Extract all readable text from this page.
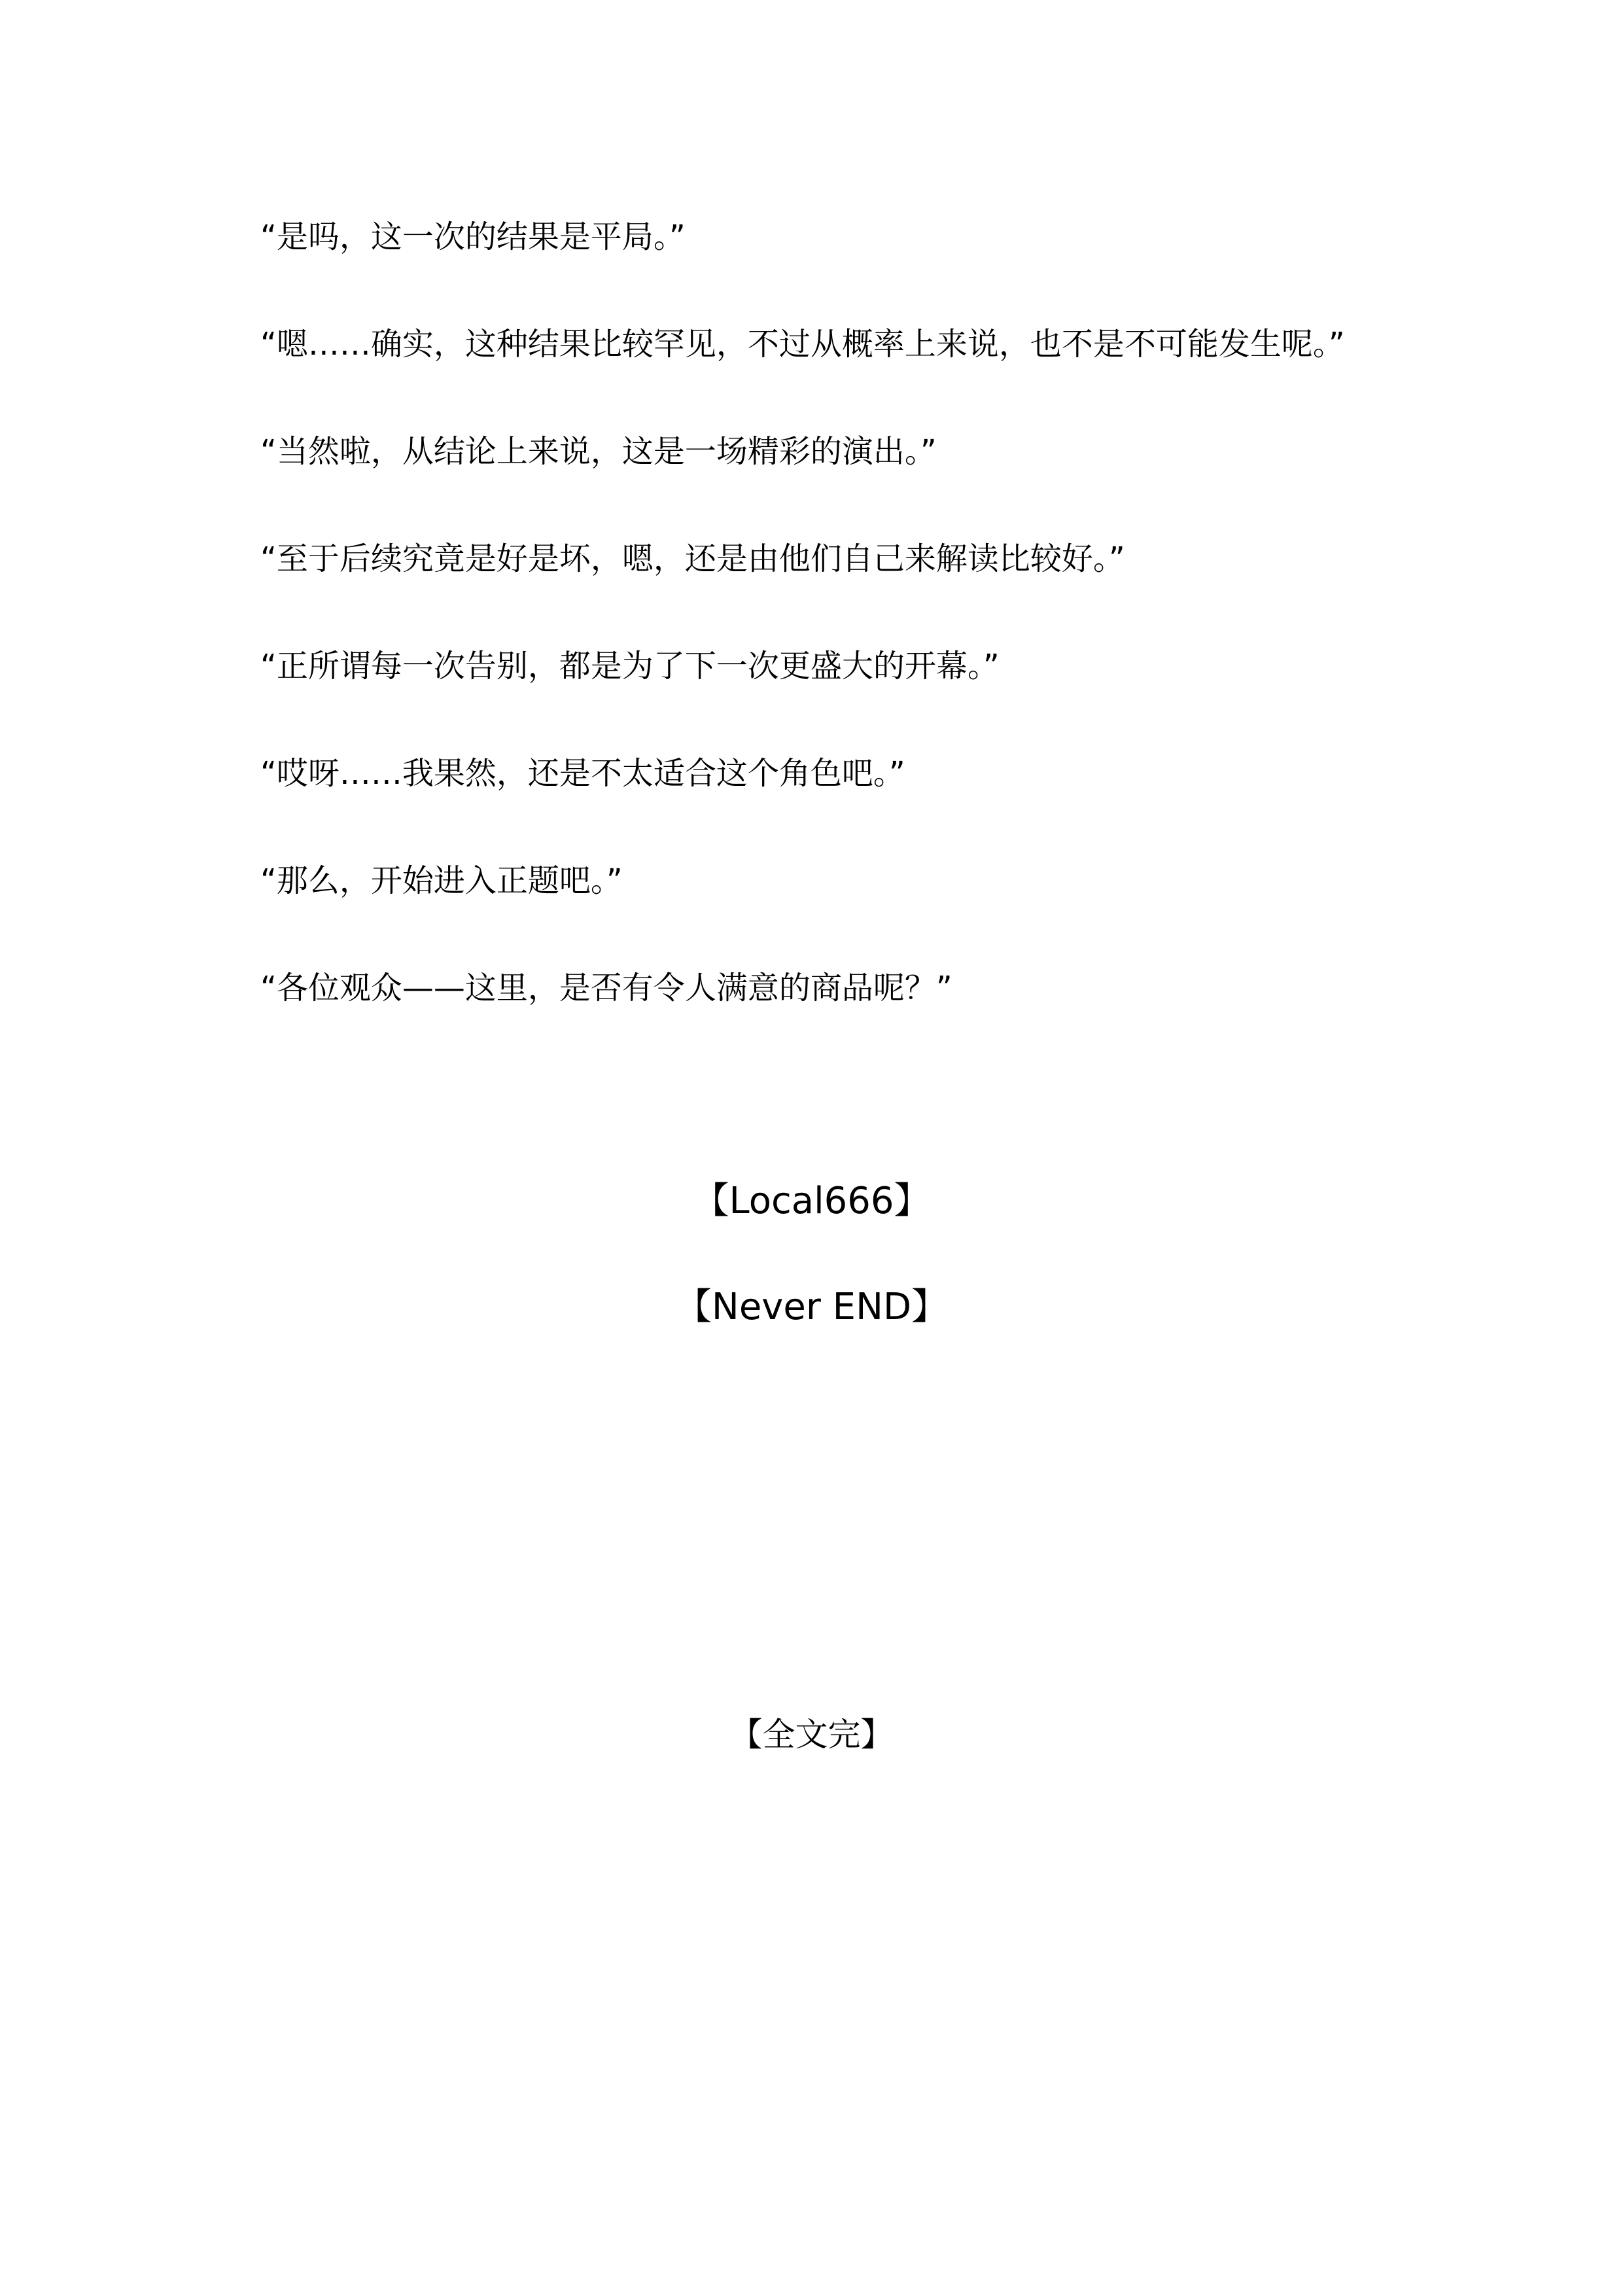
“是吗，这一次的结果是平局。”

“嗯……确实，这种结果比较罕见，不过从概率上来说，也不是不可能发生呢。”

“当然啦，从结论上来说，这是一场精彩的演出。”

“至于后续究竟是好是坏，嗯，还是由他们自己来解读比较好。”

“正所谓每一次告别，都是为了下一次更盛大的开幕。”

“哎呀……我果然，还是不太适合这个角色吧。”

“那么，开始进入正题吧。”

“各位观众——这里，是否有令人满意的商品呢？”

【Local666】
【Never END】
【全文完】
